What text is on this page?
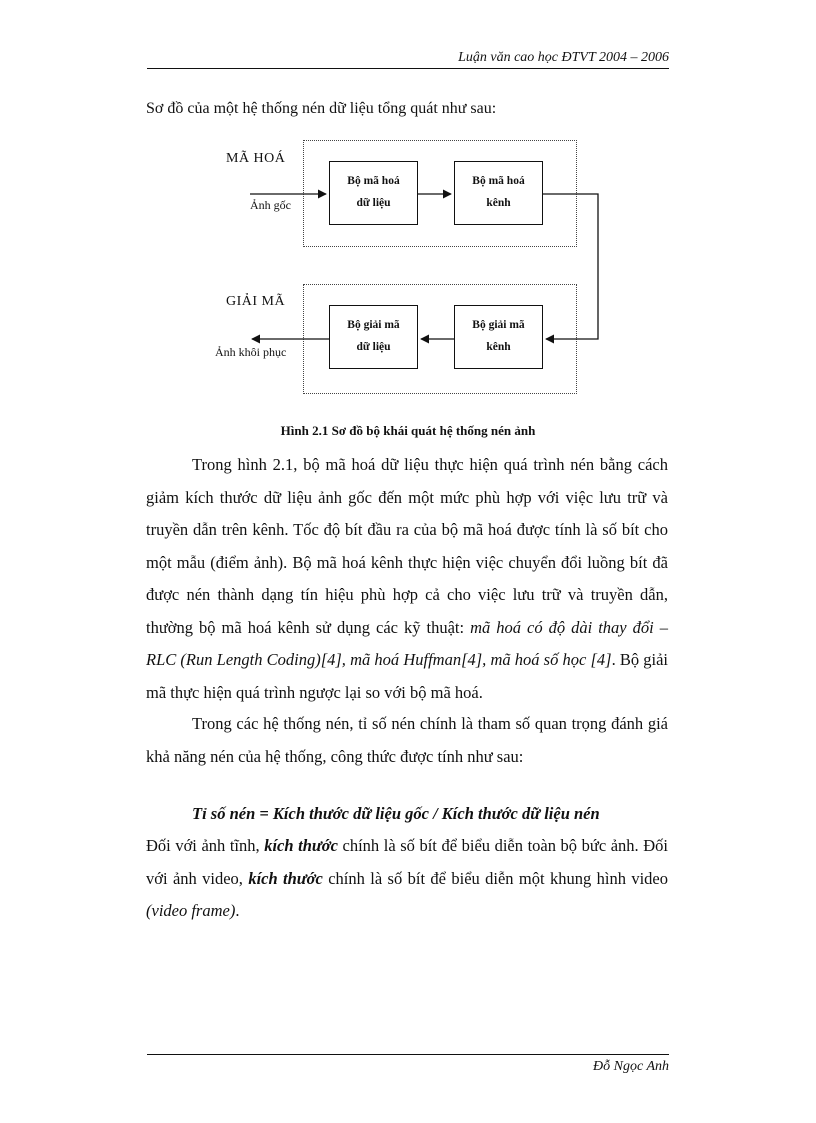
Luận văn cao học ĐTVT 2004 – 2006
Sơ đồ của một hệ thống nén dữ liệu tổng quát như sau:
MÃ HOÁ
GIẢI MÃ
Ảnh gốc
Ảnh khôi phục
Bộ mã hoá
dữ liệu
Bộ mã hoá
kênh
Bộ giải mã
dữ liệu
Bộ giải mã
kênh
Hình 2.1 Sơ đồ bộ khái quát hệ thống nén ảnh
Trong hình 2.1, bộ mã hoá dữ liệu thực hiện quá trình nén bằng cách giảm kích thước dữ liệu ảnh gốc đến một mức phù hợp với việc lưu trữ và truyền dẫn trên kênh. Tốc độ bít đầu ra của bộ mã hoá được tính là số bít cho một mẫu (điểm ảnh). Bộ mã hoá kênh thực hiện việc chuyển đổi luồng bít đã được nén thành dạng tín hiệu phù hợp cả cho việc lưu trữ và truyền dẫn, thường bộ mã hoá kênh sử dụng các kỹ thuật: mã hoá có độ dài thay đổi – RLC (Run Length Coding)[4], mã hoá Huffman[4], mã hoá số học [4]. Bộ giải mã thực hiện quá trình ngược lại so với bộ mã hoá.
Trong các hệ thống nén, tỉ số nén chính là tham số quan trọng đánh giá khả năng nén của hệ thống, công thức được tính như sau:
Tỉ số nén = Kích thước dữ liệu gốc / Kích thước dữ liệu nén
Đối với ảnh tĩnh, kích thước chính là số bít để biểu diễn toàn bộ bức ảnh. Đối với ảnh video, kích thước chính là số bít để biểu diễn một khung hình video (video frame).
Đỗ Ngọc Anh
